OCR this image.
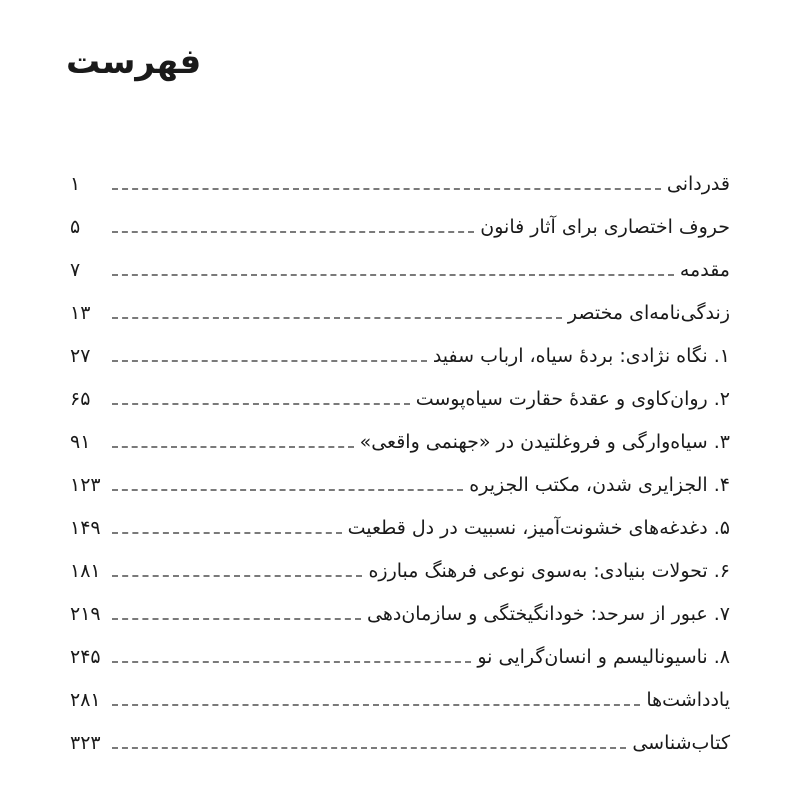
فهرست
قدردانی
۱
حروف اختصاری برای آثار فانون
۵
مقدمه
۷
زندگی‌نامه‌ای مختصر
۱۳
۱. نگاه نژادی: بردهٔ سیاه، ارباب سفید
۲۷
۲. روان‌کاوی و عقدهٔ حقارت سیاه‌پوست
۶۵
۳. سیاه‌وارگی و فروغلتیدن در «جهنمی واقعی»
۹۱
۴. الجزایری شدن، مکتب الجزیره
۱۲۳
۵. دغدغه‌های خشونت‌آمیز، نسبیت در دل قطعیت
۱۴۹
۶. تحولات بنیادی: به‌سوی نوعی فرهنگ مبارزه
۱۸۱
۷. عبور از سرحد: خودانگیختگی و سازمان‌دهی
۲۱۹
۸. ناسیونالیسم و انسان‌گرایی نو
۲۴۵
یادداشت‌ها
۲۸۱
کتاب‌شناسی
۳۲۳
